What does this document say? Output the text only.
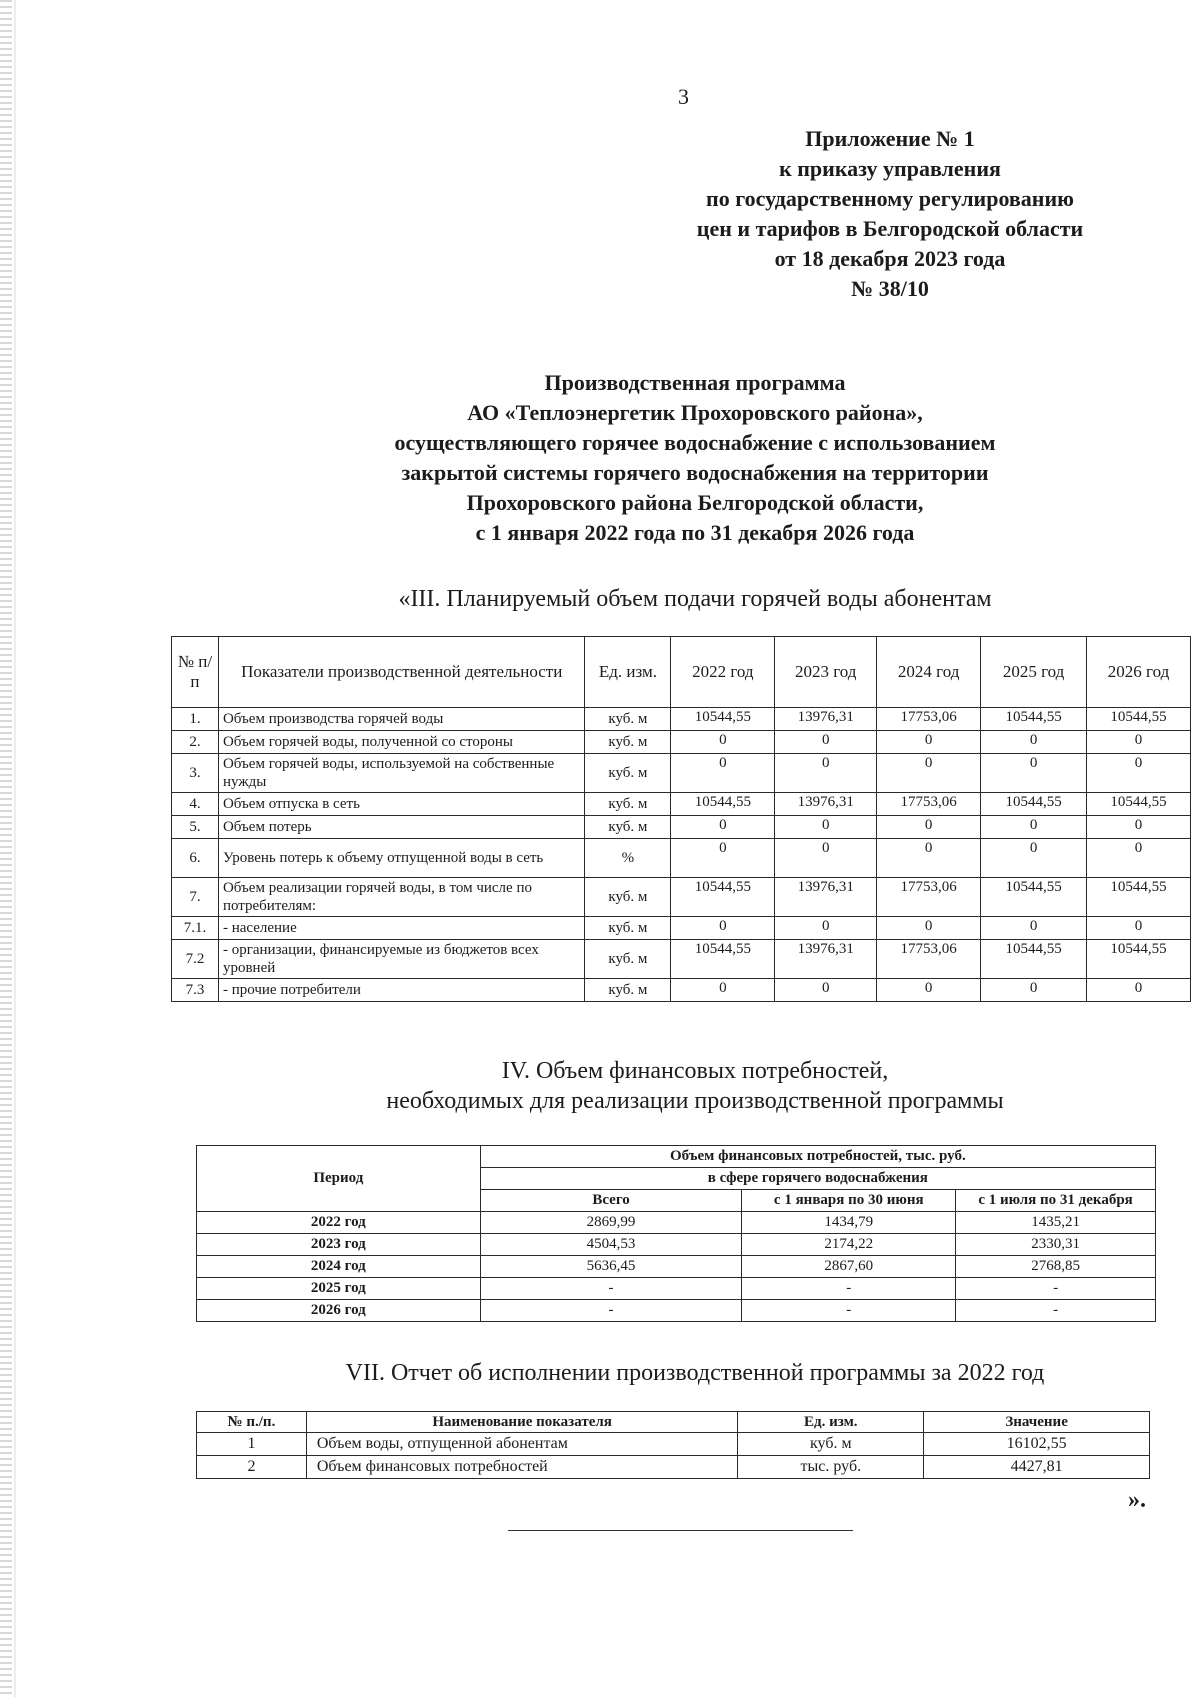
3
Приложение № 1
к приказу управления
по государственному регулированию
цен и тарифов в Белгородской области
от 18 декабря 2023 года
№ 38/10
Производственная программа
АО «Теплоэнергетик Прохоровского района»,
осуществляющего горячее водоснабжение с использованием
закрытой системы горячего водоснабжения на территории
Прохоровского района Белгородской области,
с 1 января 2022 года по 31 декабря 2026 года
«III. Планируемый объем подачи горячей воды абонентам
№ п/п	Показатели производственной деятельности	Ед. изм.	2022 год	2023 год	2024 год	2025 год	2026 год
1.	Объем производства горячей воды	куб. м	10544,55	13976,31	17753,06	10544,55	10544,55
2.	Объем горячей воды, полученной со стороны	куб. м	0	0	0	0	0
3.	Объем горячей воды, используемой на собственные нужды	куб. м	0	0	0	0	0
4.	Объем отпуска в сеть	куб. м	10544,55	13976,31	17753,06	10544,55	10544,55
5.	Объем потерь	куб. м	0	0	0	0	0
6.	Уровень потерь к объему отпущенной воды в сеть	%	0	0	0	0	0
7.	Объем реализации горячей воды, в том числе по потребителям:	куб. м	10544,55	13976,31	17753,06	10544,55	10544,55
7.1.	- население	куб. м	0	0	0	0	0
7.2	- организации, финансируемые из бюджетов всех уровней	куб. м	10544,55	13976,31	17753,06	10544,55	10544,55
7.3	- прочие потребители	куб. м	0	0	0	0	0
IV. Объем финансовых потребностей,
необходимых для реализации производственной программы
Период	Объем финансовых потребностей, тыс. руб.		
	в сфере горячего водоснабжения		
	Всего	с 1 января по 30 июня	с 1 июля по 31 декабря
2022 год	2869,99	1434,79	1435,21
2023 год	4504,53	2174,22	2330,31
2024 год	5636,45	2867,60	2768,85
2025 год	-	-	-
2026 год	-	-	-
VII. Отчет об исполнении производственной программы за 2022 год
№ п./п.	Наименование показателя	Ед. изм.	Значение
1	Объем воды, отпущенной абонентам	куб. м	16102,55
2	Объем финансовых потребностей	тыс. руб.	4427,81
».
